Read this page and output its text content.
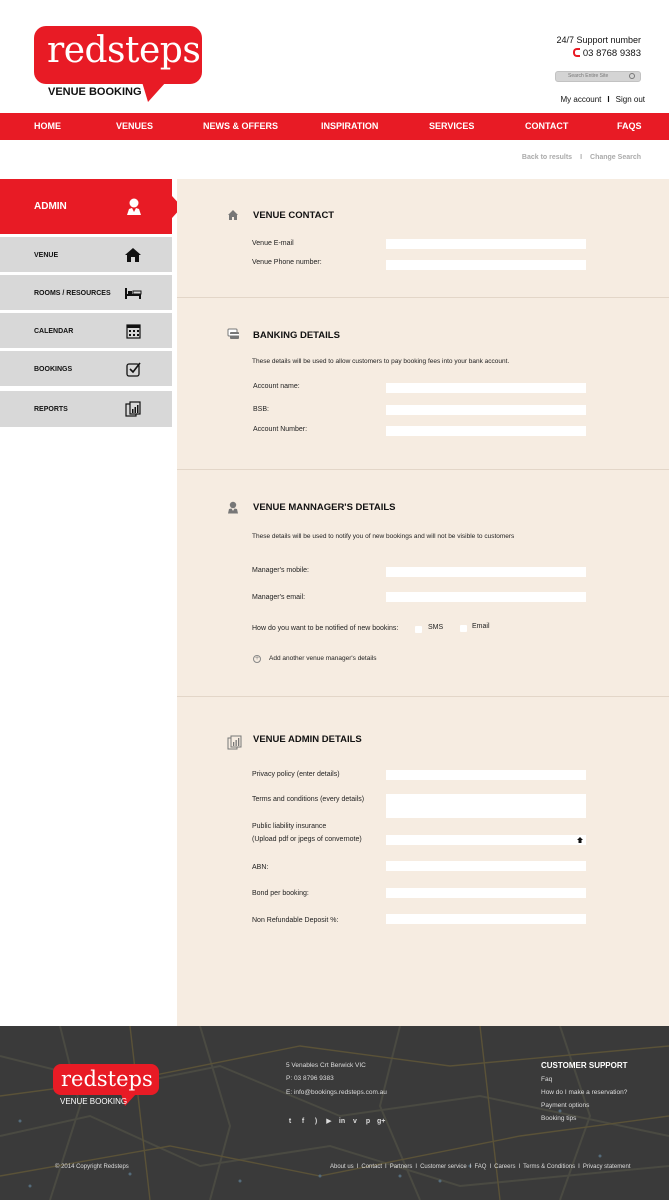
redsteps
VENUE BOOKING
24/7 Support number
03 8768 9383
Search Entire Site
My account I Sign out
HOME	VENUES	NEWS & OFFERS	INSPIRATION	SERVICES	CONTACT	FAQS
Back to results I Change Search
ADMIN
VENUE
ROOMS / RESOURCES
CALENDAR
BOOKINGS
REPORTS
VENUE CONTACT
Venue E-mail
Venue Phone number:
BANKING DETAILS
These details will be used to allow customers to pay booking fees into your bank account.
Account name:
BSB:
Account Number:
VENUE MANNAGER'S DETAILS
These details will be used to notify you of new bookings and will not be visible to customers
Manager's mobile:
Manager's email:
How do you want to be notified of new bookins:	SMS	Email
+	Add another venue manager's details
VENUE ADMIN DETAILS
Privacy policy (enter details)
Terms and conditions (every details)
Public liability insurance
(Upload pdf or jpegs of convernote)
ABN:
Bond per booking:
Non Refundable Deposit %:
redsteps
VENUE BOOKING
5 Venables Crt Berwick VIC
P: 03 8796 9383
E: info@bookings.redsteps.com.au
t f ) ▶ in v p g+
CUSTOMER SUPPORT
Faq
How do I make a reservation?
Payment options
Booking tips
© 2014 Copyright Redsteps	About us I Contact I Partners I Customer service I FAQ I Careers I Terms & Conditions I Privacy statement
